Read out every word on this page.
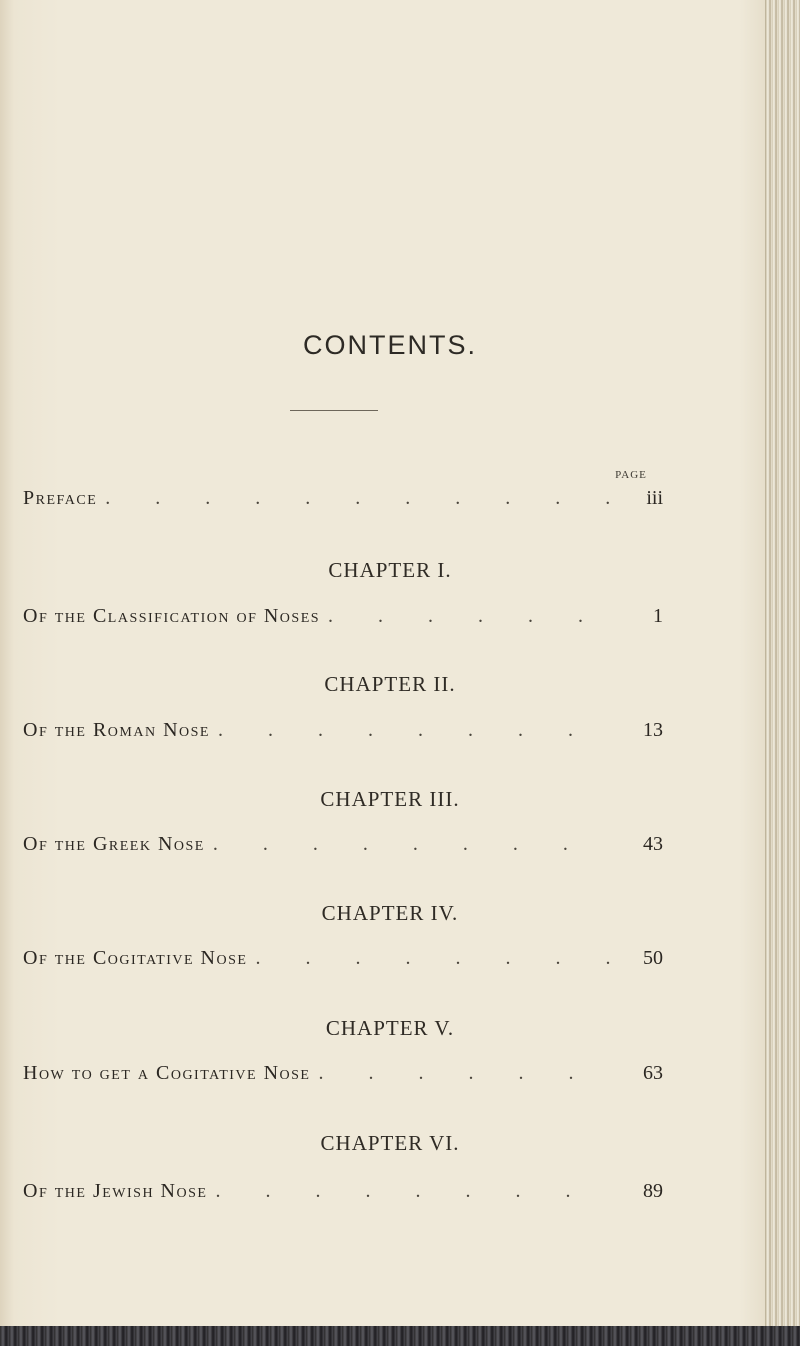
CONTENTS.
PAGE
Preface . . .	iii
CHAPTER I.
Of the Classification of Noses . . .	1
CHAPTER II.
Of the Roman Nose . . .	13
CHAPTER III.
Of the Greek Nose . . .	43
CHAPTER IV.
Of the Cogitative Nose . . .	50
CHAPTER V.
How to get a Cogitative Nose . . .	63
CHAPTER VI.
Of the Jewish Nose . . .	89
